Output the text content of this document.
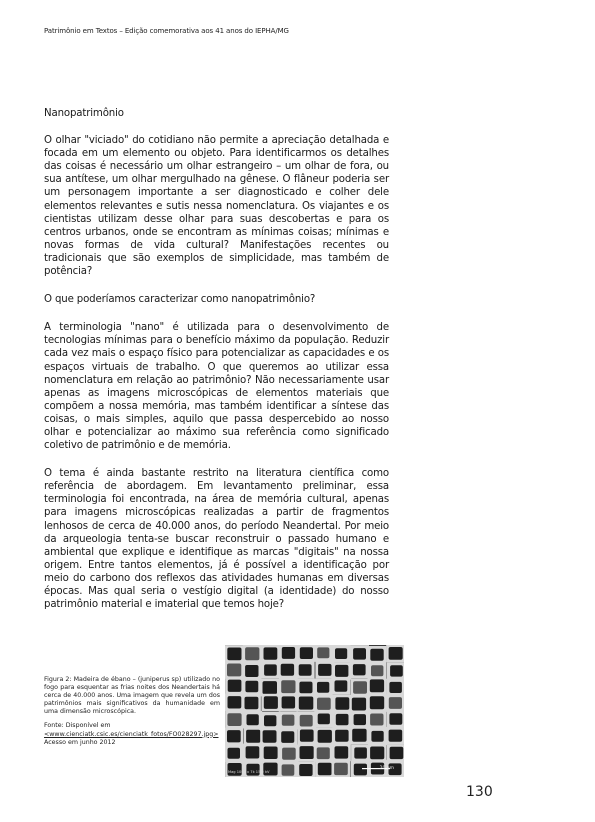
Patrimônio em Textos – Edição comemorativa aos 41 anos do IEPHA/MG

Nanopatrimônio

O olhar "viciado" do cotidiano não permite a apreciação detalhada e focada em um elemento ou objeto. Para identificarmos os detalhes das coisas é necessário um olhar estrangeiro – um olhar de fora, ou sua antítese, um olhar mergulhado na gênese. O flâneur poderia ser um personagem importante a ser diagnosticado e colher dele elementos relevantes e sutis nessa nomenclatura. Os viajantes e os cientistas utilizam desse olhar para suas descobertas e para os centros urbanos, onde se encontram as mínimas coisas; mínimas e novas formas de vida cultural? Manifestações recentes ou tradicionais que são exemplos de simplicidade, mas também de potência?

O que poderíamos caracterizar como nanopatrimônio?

A terminologia "nano" é utilizada para o desenvolvimento de tecnologias mínimas para o benefício máximo da população. Reduzir cada vez mais o espaço físico para potencializar as capacidades e os espaços virtuais de trabalho. O que queremos ao utilizar essa nomenclatura em relação ao patrimônio? Não necessariamente usar apenas as imagens microscópicas de elementos materiais que compõem a nossa memória, mas também identificar a síntese das coisas, o mais simples, aquilo que passa despercebido ao nosso olhar e potencializar ao máximo sua referência como significado coletivo de patrimônio e de memória.

O tema é ainda bastante restrito na literatura científica como referência de abordagem. Em levantamento preliminar, essa terminologia foi encontrada, na área de memória cultural, apenas para imagens microscópicas realizadas a partir de fragmentos lenhosos de cerca de 40.000 anos, do período Neandertal. Por meio da arqueologia tenta-se buscar reconstruir o passado humano e ambiental que explique e identifique as marcas "digitais" na nossa origem. Entre tantos elementos, já é possível a identificação por meio do carbono dos reflexos das atividades humanas em diversas épocas. Mas qual seria o vestígio digital (a identidade) do nosso patrimônio material e imaterial que temos hoje?

Figura 2: Madeira de ébano – (juniperus sp) utilizado no fogo para esquentar as frias noites dos Neandertais há cerca de 40.000 anos. Uma imagem que revela um dos patrimônios mais significativos da humanidade em uma dimensão microscópica.

Fonte: Disponível em <www.cienciatk.csic.es/cienciatk_fotos/FO028297.jpg>

Acesso em junho 2012

Mag 1000 x 7k 15.0 kV
20 μm
130
